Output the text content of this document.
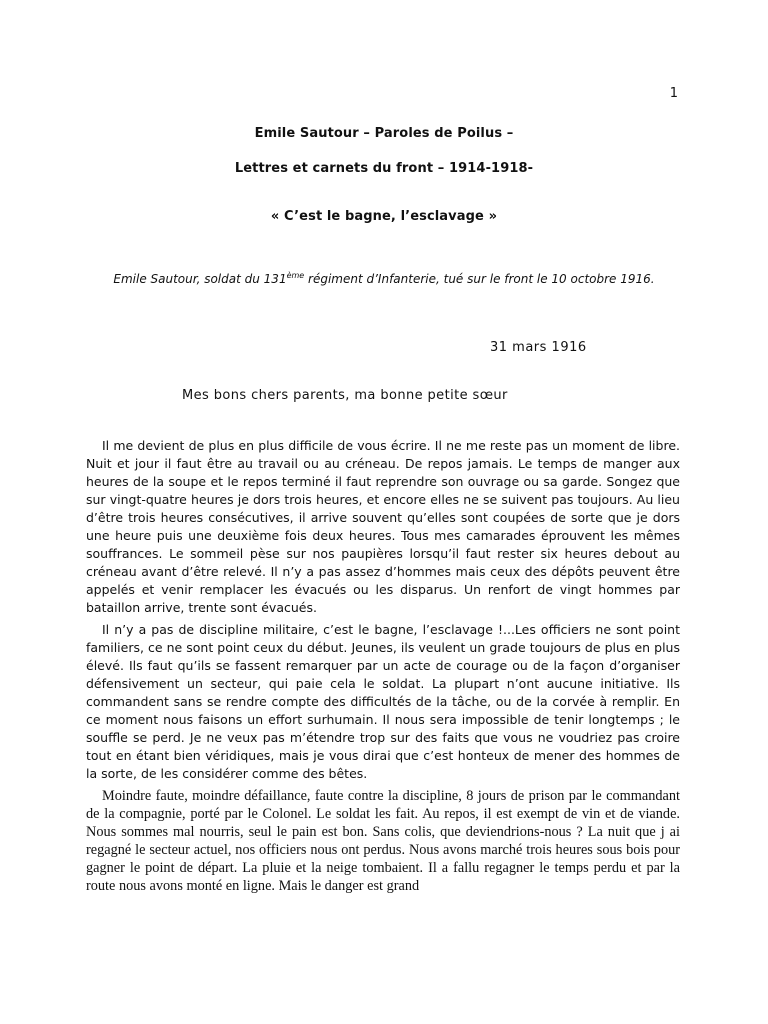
1
Emile Sautour – Paroles de Poilus –
Lettres et carnets du front – 1914-1918-
« C’est le bagne, l’esclavage »
Emile Sautour, soldat du 131ème régiment d’Infanterie, tué sur le front le 10 octobre 1916.
31 mars 1916
Mes bons chers parents, ma bonne petite sœur

Il me devient de plus en plus difficile de vous écrire. Il ne me reste pas un moment de libre. Nuit et jour il faut être au travail ou au créneau. De repos jamais. Le temps de manger aux heures de la soupe et le repos terminé il faut reprendre son ouvrage ou sa garde. Songez que sur vingt-quatre heures je dors trois heures, et encore elles ne se suivent pas toujours. Au lieu d’être trois heures consécutives, il arrive souvent qu’elles sont coupées de sorte que je dors une heure puis une deuxième fois deux heures. Tous mes camarades éprouvent les mêmes souffrances. Le sommeil pèse sur nos paupières lorsqu’il faut rester six heures debout au créneau avant d’être relevé. Il n’y a pas assez d’hommes mais ceux des dépôts peuvent être appelés et venir remplacer les évacués ou les disparus. Un renfort de vingt hommes par bataillon arrive, trente sont évacués.

Il n’y a pas de discipline militaire, c’est le bagne, l’esclavage !...Les officiers ne sont point familiers, ce ne sont point ceux du début. Jeunes, ils veulent un grade toujours de plus en plus élevé. Ils faut qu’ils se fassent remarquer par un acte de courage ou de la façon d’organiser défensivement un secteur, qui paie cela le soldat. La plupart n’ont aucune initiative. Ils commandent sans se rendre compte des difficultés de la tâche, ou de la corvée à remplir. En ce moment nous faisons un effort surhumain. Il nous sera impossible de tenir longtemps ; le souffle se perd. Je ne veux pas m’étendre trop sur des faits que vous ne voudriez pas croire tout en étant bien véridiques, mais je vous dirai que c’est honteux de mener des hommes de la sorte, de les considérer comme des bêtes.

Moindre faute, moindre défaillance, faute contre la discipline, 8 jours de prison par le commandant de la compagnie, porté par le Colonel. Le soldat les fait. Au repos, il est exempt de vin et de viande. Nous sommes mal nourris, seul le pain est bon. Sans colis, que deviendrions-nous ? La nuit que j ai regagné le secteur actuel, nos officiers nous ont perdus. Nous avons marché trois heures sous bois pour gagner le point de départ. La pluie et la neige tombaient. Il a fallu regagner le temps perdu et par la route nous avons monté en ligne. Mais le danger est grand
